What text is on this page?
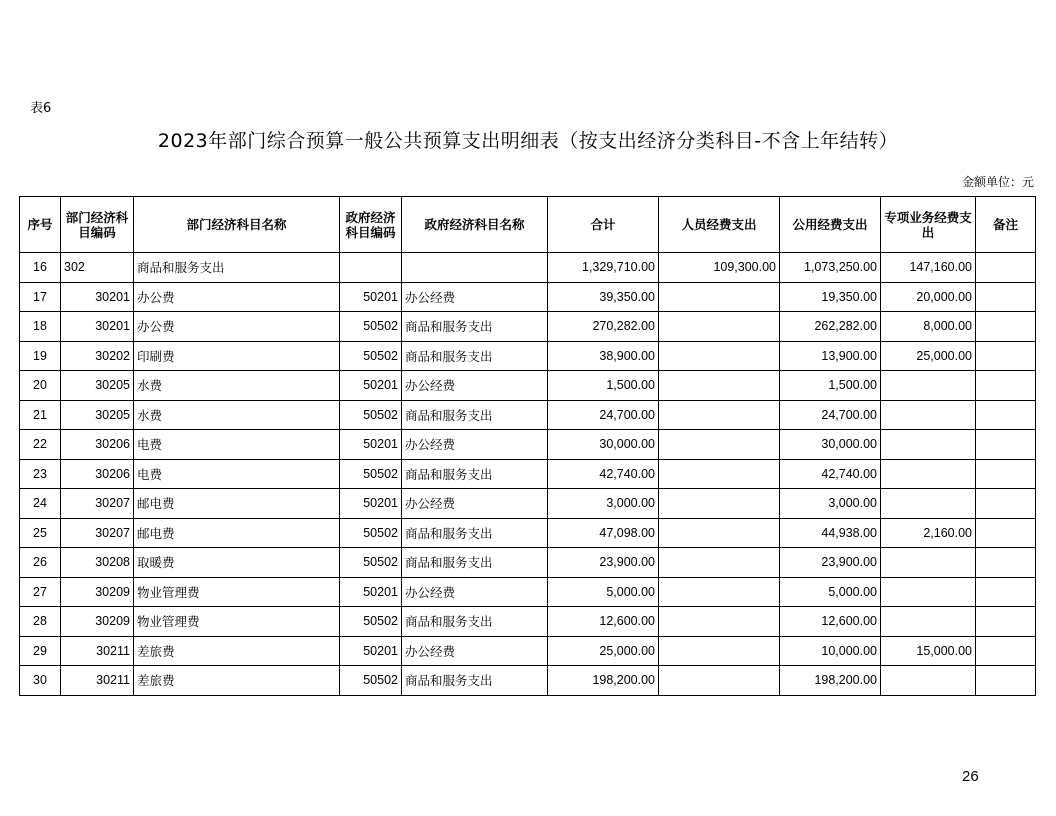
表6
2023年部门综合预算一般公共预算支出明细表（按支出经济分类科目-不含上年结转）
金额单位：元
序号	部门经济科目编码	部门经济科目名称	政府经济科目编码	政府经济科目名称	合计	人员经费支出	公用经费支出	专项业务经费支出	备注
16	302	商品和服务支出			1,329,710.00	109,300.00	1,073,250.00	147,160.00	
17	30201	办公费	50201	办公经费	39,350.00		19,350.00	20,000.00	
18	30201	办公费	50502	商品和服务支出	270,282.00		262,282.00	8,000.00	
19	30202	印刷费	50502	商品和服务支出	38,900.00		13,900.00	25,000.00	
20	30205	水费	50201	办公经费	1,500.00		1,500.00		
21	30205	水费	50502	商品和服务支出	24,700.00		24,700.00		
22	30206	电费	50201	办公经费	30,000.00		30,000.00		
23	30206	电费	50502	商品和服务支出	42,740.00		42,740.00		
24	30207	邮电费	50201	办公经费	3,000.00		3,000.00		
25	30207	邮电费	50502	商品和服务支出	47,098.00		44,938.00	2,160.00	
26	30208	取暖费	50502	商品和服务支出	23,900.00		23,900.00		
27	30209	物业管理费	50201	办公经费	5,000.00		5,000.00		
28	30209	物业管理费	50502	商品和服务支出	12,600.00		12,600.00		
29	30211	差旅费	50201	办公经费	25,000.00		10,000.00	15,000.00	
30	30211	差旅费	50502	商品和服务支出	198,200.00		198,200.00		
26
